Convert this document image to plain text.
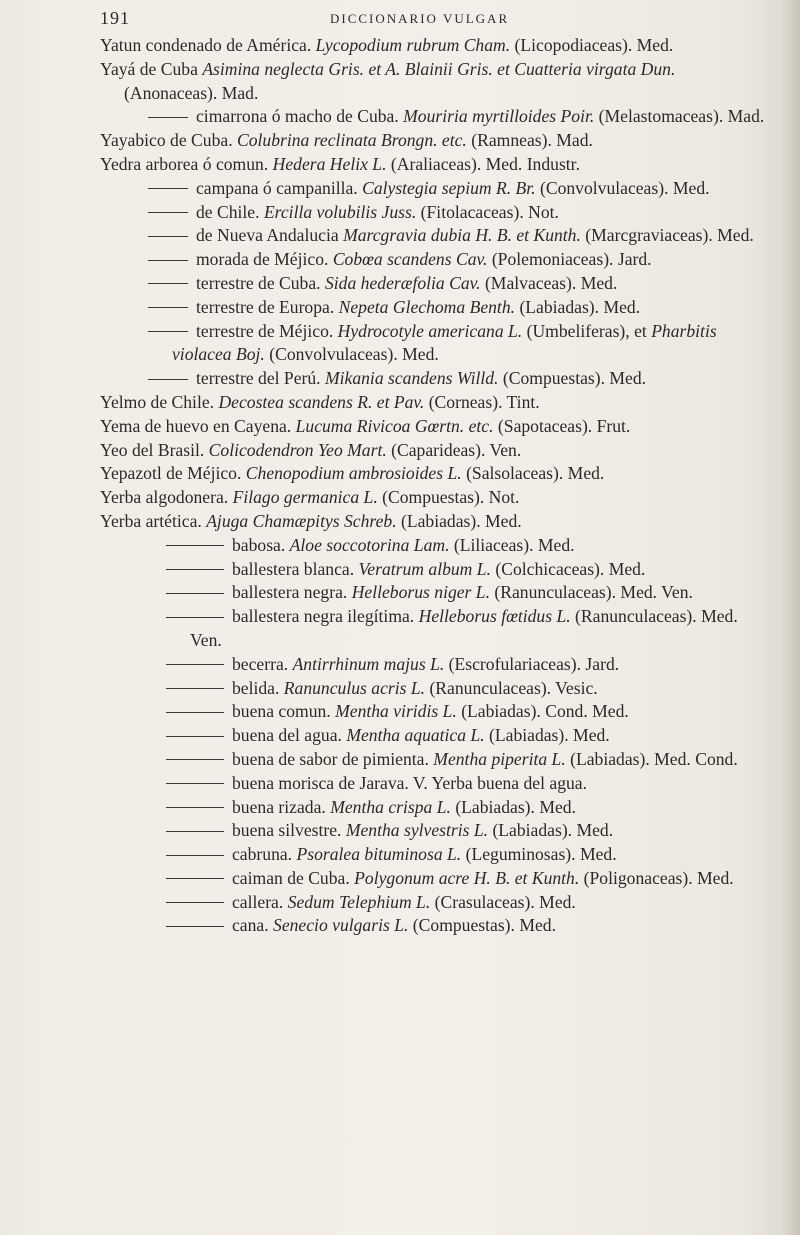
191	DICCIONARIO VULGAR

Yatun condenado de América. Lycopodium rubrum Cham. (Licopodiaceas). Med.

Yayá de Cuba Asimina neglecta Gris. et A. Blainii Gris. et Cuatteria virgata Dun. (Anonaceas). Mad.

cimarrona ó macho de Cuba. Mouriria myrtilloides Poir. (Melastomaceas). Mad.

Yayabico de Cuba. Colubrina reclinata Brongn. etc. (Ramneas). Mad.

Yedra arborea ó comun. Hedera Helix L. (Araliaceas). Med. Industr.

campana ó campanilla. Calystegia sepium R. Br. (Convolvulaceas). Med.

de Chile. Ercilla volubilis Juss. (Fitolacaceas). Not.

de Nueva Andalucia Marcgravia dubia H. B. et Kunth. (Marcgraviaceas). Med.

morada de Méjico. Cobœa scandens Cav. (Polemoniaceas). Jard.

terrestre de Cuba. Sida hederæfolia Cav. (Malvaceas). Med.

terrestre de Europa. Nepeta Glechoma Benth. (Labiadas). Med.

terrestre de Méjico. Hydrocotyle americana L. (Umbeliferas), et Pharbitis violacea Boj. (Convolvulaceas). Med.

terrestre del Perú. Mikania scandens Willd. (Compuestas). Med.

Yelmo de Chile. Decostea scandens R. et Pav. (Corneas). Tint.

Yema de huevo en Cayena. Lucuma Rivicoa Gœrtn. etc. (Sapotaceas). Frut.

Yeo del Brasil. Colicodendron Yeo Mart. (Caparideas). Ven.

Yepazotl de Méjico. Chenopodium ambrosioides L. (Salsolaceas). Med.

Yerba algodonera. Filago germanica L. (Compuestas). Not.

Yerba artética. Ajuga Chamæpitys Schreb. (Labiadas). Med.

babosa. Aloe soccotorina Lam. (Liliaceas). Med.

ballestera blanca. Veratrum album L. (Colchicaceas). Med.

ballestera negra. Helleborus niger L. (Ranunculaceas). Med. Ven.

ballestera negra ilegítima. Helleborus fœtidus L. (Ranunculaceas). Med. Ven.

becerra. Antirrhinum majus L. (Escrofulariaceas). Jard.

belida. Ranunculus acris L. (Ranunculaceas). Vesic.

buena comun. Mentha viridis L. (Labiadas). Cond. Med.

buena del agua. Mentha aquatica L. (Labiadas). Med.

buena de sabor de pimienta. Mentha piperita L. (Labiadas). Med. Cond.

buena morisca de Jarava. V. Yerba buena del agua.

buena rizada. Mentha crispa L. (Labiadas). Med.

buena silvestre. Mentha sylvestris L. (Labiadas). Med.

cabruna. Psoralea bituminosa L. (Leguminosas). Med.

caiman de Cuba. Polygonum acre H. B. et Kunth. (Poligonaceas). Med.

callera. Sedum Telephium L. (Crasulaceas). Med.

cana. Senecio vulgaris L. (Compuestas). Med.
